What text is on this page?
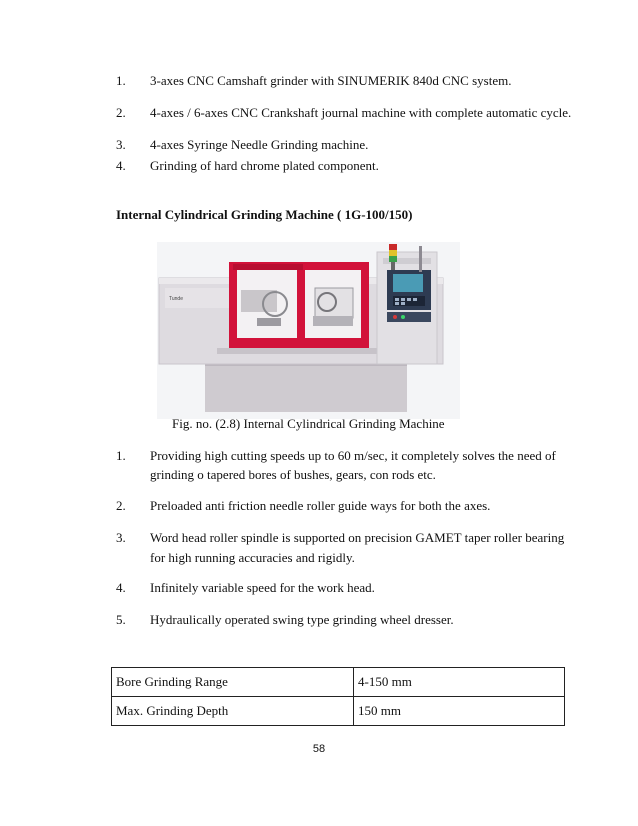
1. 3-axes CNC Camshaft grinder with SINUMERIK 840d CNC system.
2. 4-axes / 6-axes CNC Crankshaft journal machine with complete automatic cycle.
3. 4-axes Syringe Needle Grinding machine.
4. Grinding of hard chrome plated component.
Internal Cylindrical Grinding Machine ( 1G-100/150)
Tunde
Fig. no. (2.8) Internal Cylindrical Grinding Machine
1. Providing high cutting speeds up to 60 m/sec, it completely solves the need of
grinding o tapered bores of bushes, gears, con rods etc.
2. Preloaded anti friction needle roller guide ways for both the axes.
3. Word head roller spindle is supported on precision GAMET taper roller bearing
for high running accuracies and rigidly.
4. Infinitely variable speed for the work head.
5. Hydraulically operated swing type grinding wheel dresser.
Bore Grinding Range	4-150 mm
Max. Grinding Depth	150 mm
58
